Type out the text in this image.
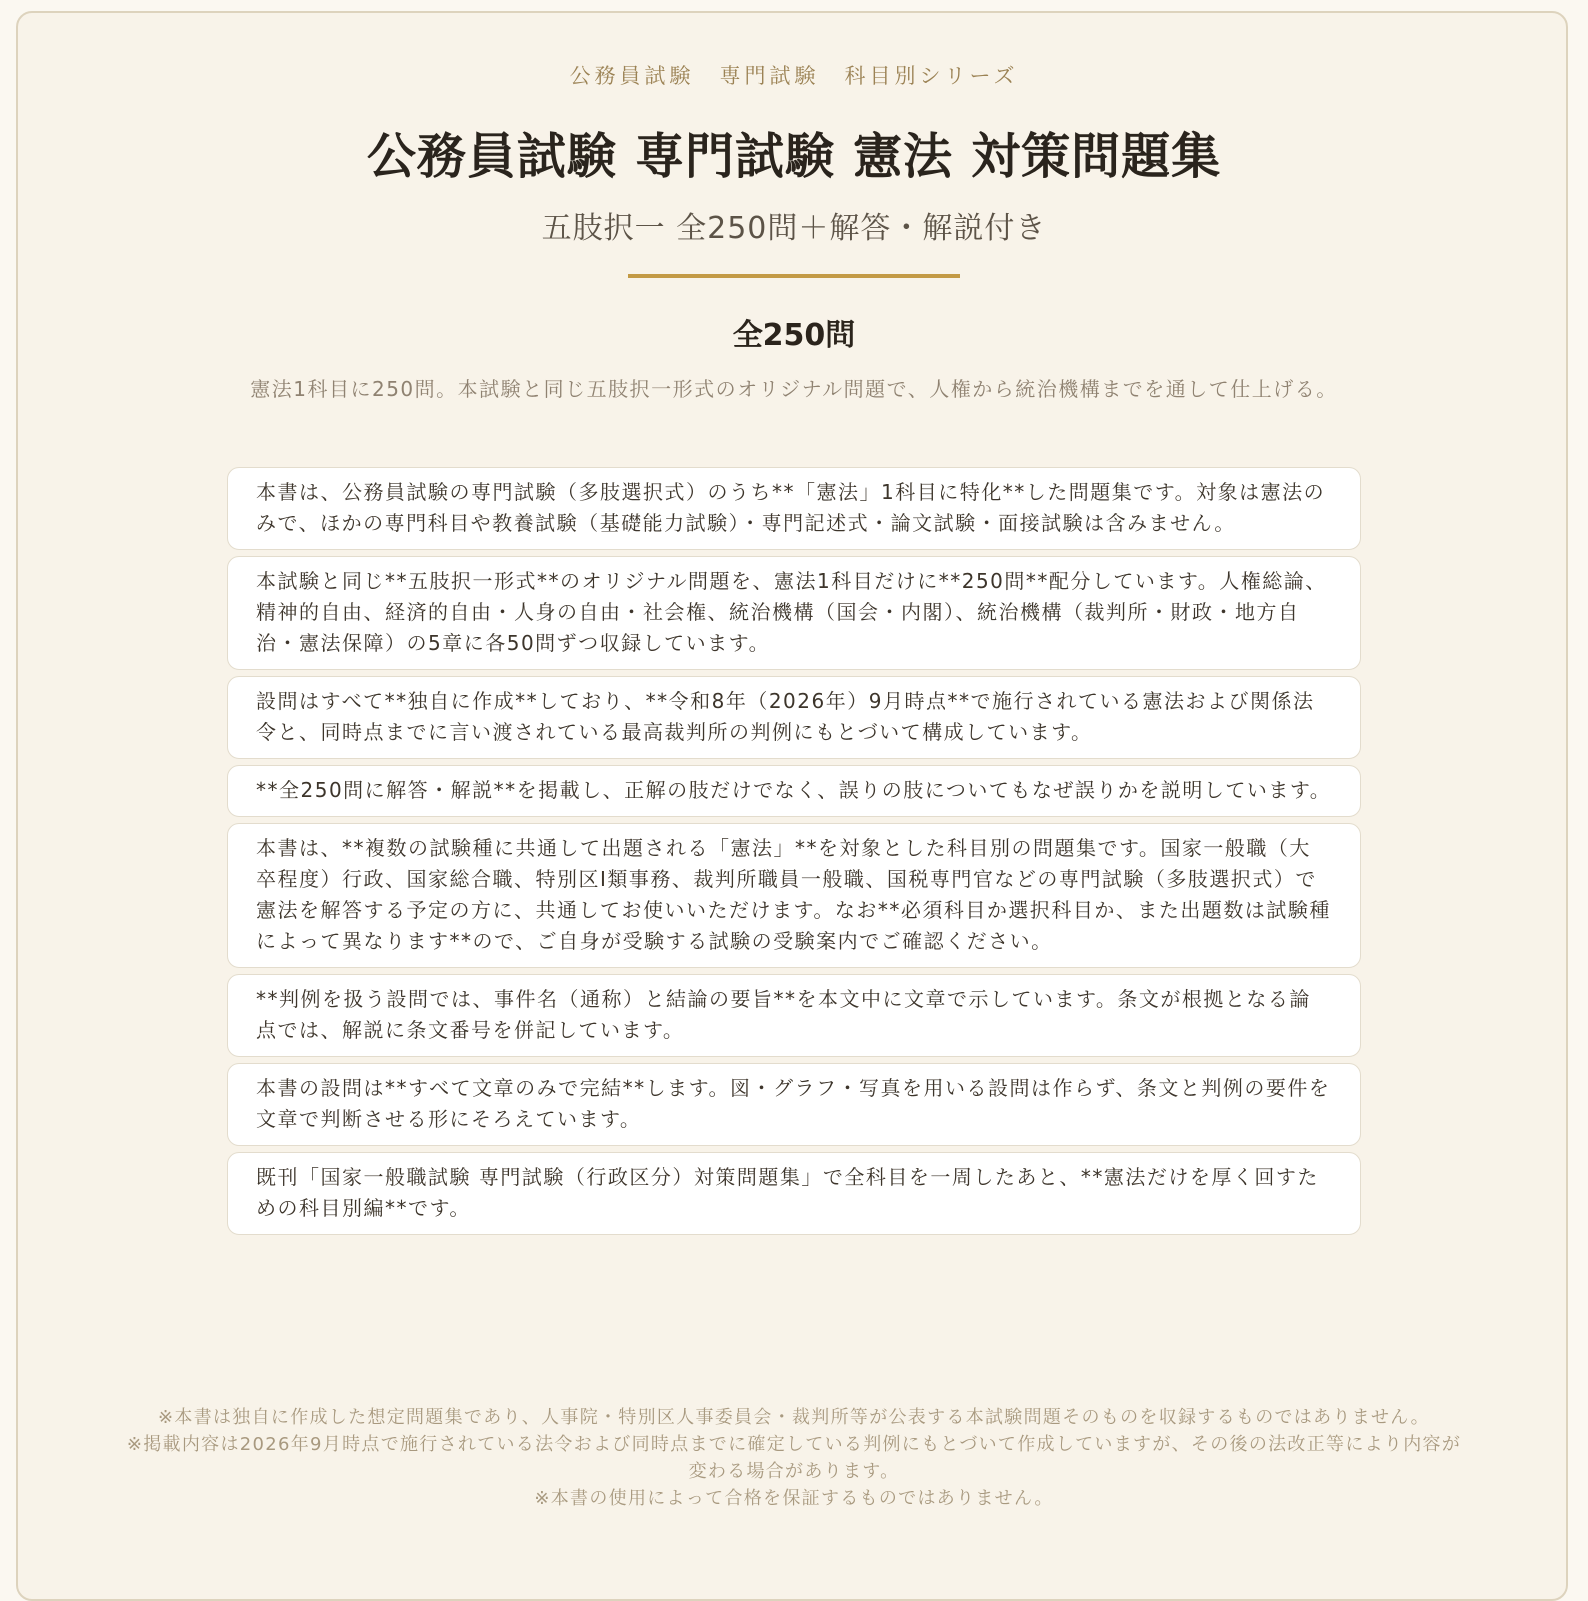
公務員試験　専門試験　科目別シリーズ
公務員試験 専門試験 憲法 対策問題集
五肢択一 全250問＋解答・解説付き
全250問
憲法1科目に250問。本試験と同じ五肢択一形式のオリジナル問題で、人権から統治機構までを通して仕上げる。
本書は、公務員試験の専門試験（多肢選択式）のうち**「憲法」1科目に特化**した問題集です。対象は憲法のみで、ほかの専門科目や教養試験（基礎能力試験）・専門記述式・論文試験・面接試験は含みません。
本試験と同じ**五肢択一形式**のオリジナル問題を、憲法1科目だけに**250問**配分しています。人権総論、精神的自由、経済的自由・人身の自由・社会権、統治機構（国会・内閣）、統治機構（裁判所・財政・地方自治・憲法保障）の5章に各50問ずつ収録しています。
設問はすべて**独自に作成**しており、**令和8年（2026年）9月時点**で施行されている憲法および関係法令と、同時点までに言い渡されている最高裁判所の判例にもとづいて構成しています。
**全250問に解答・解説**を掲載し、正解の肢だけでなく、誤りの肢についてもなぜ誤りかを説明しています。
本書は、**複数の試験種に共通して出題される「憲法」**を対象とした科目別の問題集です。国家一般職（大卒程度）行政、国家総合職、特別区Ⅰ類事務、裁判所職員一般職、国税専門官などの専門試験（多肢選択式）で憲法を解答する予定の方に、共通してお使いいただけます。なお**必須科目か選択科目か、また出題数は試験種によって異なります**ので、ご自身が受験する試験の受験案内でご確認ください。
**判例を扱う設問では、事件名（通称）と結論の要旨**を本文中に文章で示しています。条文が根拠となる論点では、解説に条文番号を併記しています。
本書の設問は**すべて文章のみで完結**します。図・グラフ・写真を用いる設問は作らず、条文と判例の要件を文章で判断させる形にそろえています。
既刊「国家一般職試験 専門試験（行政区分）対策問題集」で全科目を一周したあと、**憲法だけを厚く回すための科目別編**です。

※本書は独自に作成した想定問題集であり、人事院・特別区人事委員会・裁判所等が公表する本試験問題そのものを収録するものではありません。

※掲載内容は2026年9月時点で施行されている法令および同時点までに確定している判例にもとづいて作成していますが、その後の法改正等により内容が変わる場合があります。

※本書の使用によって合格を保証するものではありません。
